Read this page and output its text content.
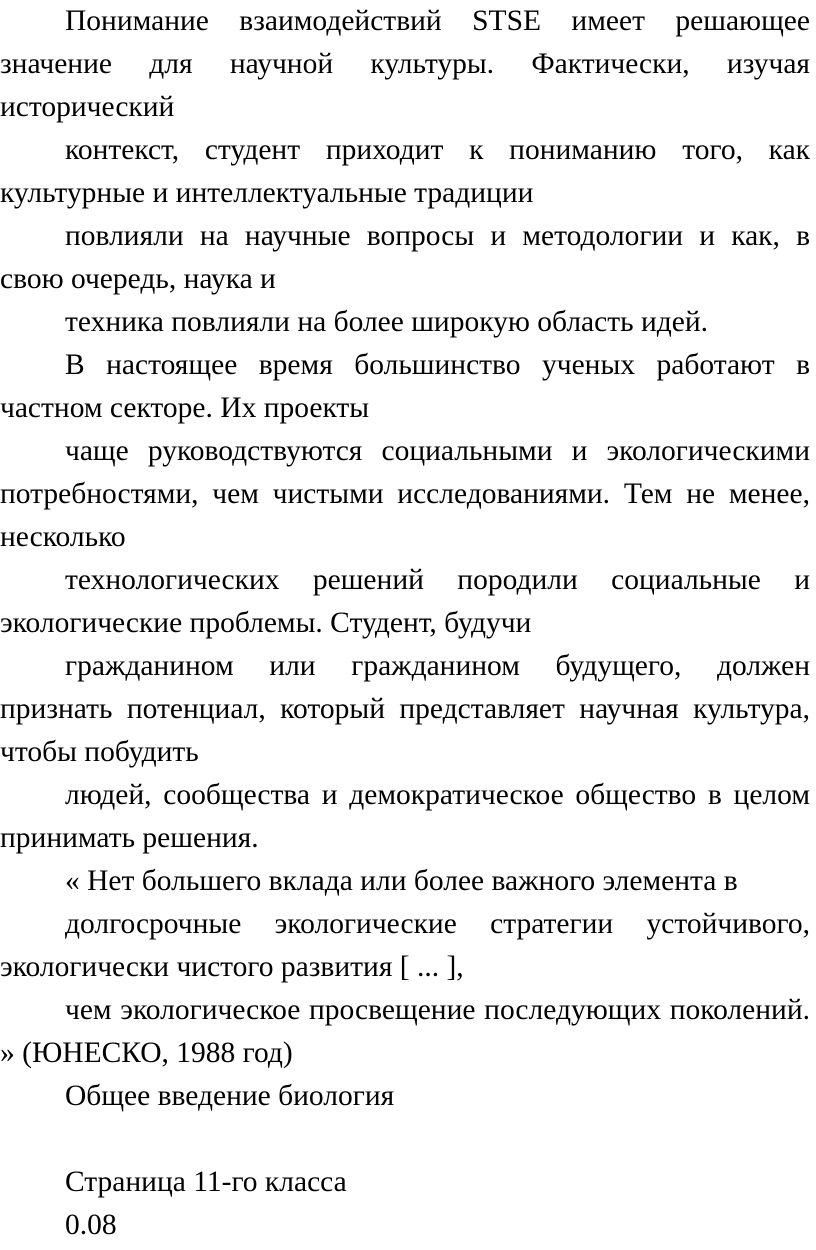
Понимание взаимодействий STSE имеет решающее значение для научной культуры. Фактически, изучая исторический

контекст, студент приходит к пониманию того, как культурные и интеллектуальные традиции

повлияли на научные вопросы и методологии и как, в свою очередь, наука и

техника повлияли на более широкую область идей.

В настоящее время большинство ученых работают в частном секторе. Их проекты

чаще руководствуются социальными и экологическими потребностями, чем чистыми исследованиями. Тем не менее, несколько

технологических решений породили социальные и экологические проблемы. Студент, будучи

гражданином или гражданином будущего, должен признать потенциал, который представляет научная культура, чтобы побудить

людей, сообщества и демократическое общество в целом принимать решения.

« Нет большего вклада или более важного элемента в

долгосрочные экологические стратегии устойчивого, экологически чистого развития [ ... ],

чем экологическое просвещение последующих поколений. » (ЮНЕСКО, 1988 год)

Общее введение биология

Страница 11-го класса

0.08
